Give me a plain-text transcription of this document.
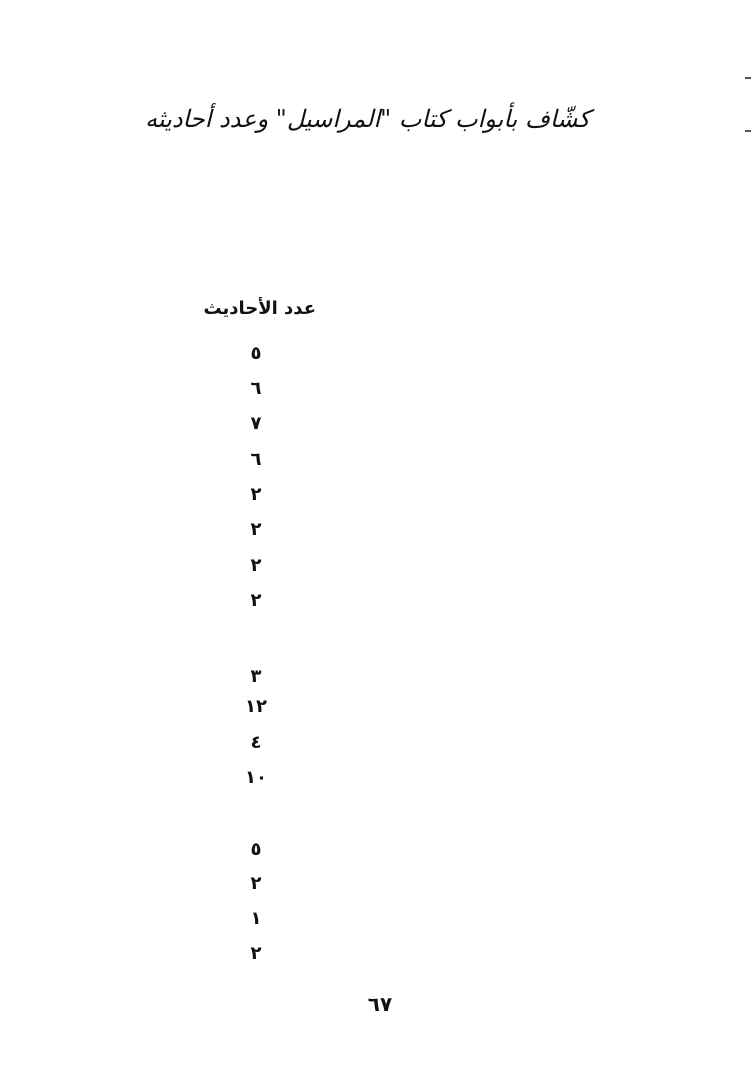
كشّاف بأبواب كتاب "المراسيل" وعدد أحاديثه
عدد الأحاديث
٥
٦
٧
٦
٢
٢
٢
٢
٣
١٢
٤
١٠
٥
٢
١
٢
٦٧
